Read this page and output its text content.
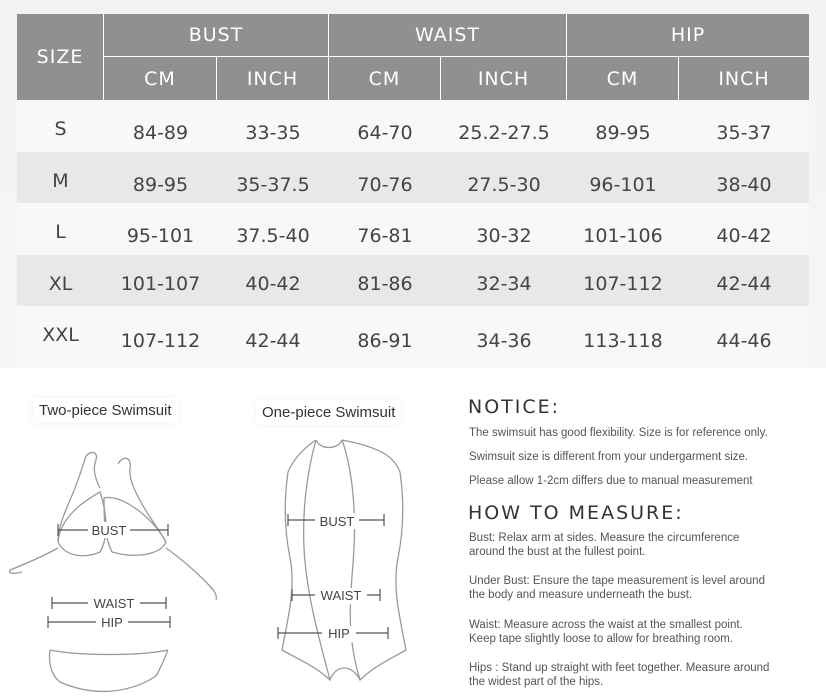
SIZE	BUST		WAIST		HIP	
	CM	INCH	CM	INCH	CM	INCH
S	84-89	33-35	64-70	25.2-27.5	89-95	35-37
M	89-95	35-37.5	70-76	27.5-30	96-101	38-40
L	95-101	37.5-40	76-81	30-32	101-106	40-42
XL	101-107	40-42	81-86	32-34	107-112	42-44
XXL	107-112	42-44	86-91	34-36	113-118	44-46
Two-piece Swimsuit	One-piece Swimsuit
BUST
WAIST
HIP
BUST
WAIST
HIP
NOTICE:
The swimsuit has good flexibility. Size is for reference only.
Swimsuit size is different from your undergarment size.
Please allow 1-2cm differs due to manual measurement
HOW TO MEASURE:
Bust: Relax arm at sides. Measure the circumference
around the bust at the fullest point.
Under Bust: Ensure the tape measurement is level around
the body and measure underneath the bust.
Waist: Measure across the waist at the smallest point.
Keep tape slightly loose to allow for breathing room.
Hips : Stand up straight with feet together. Measure around
the widest part of the hips.
